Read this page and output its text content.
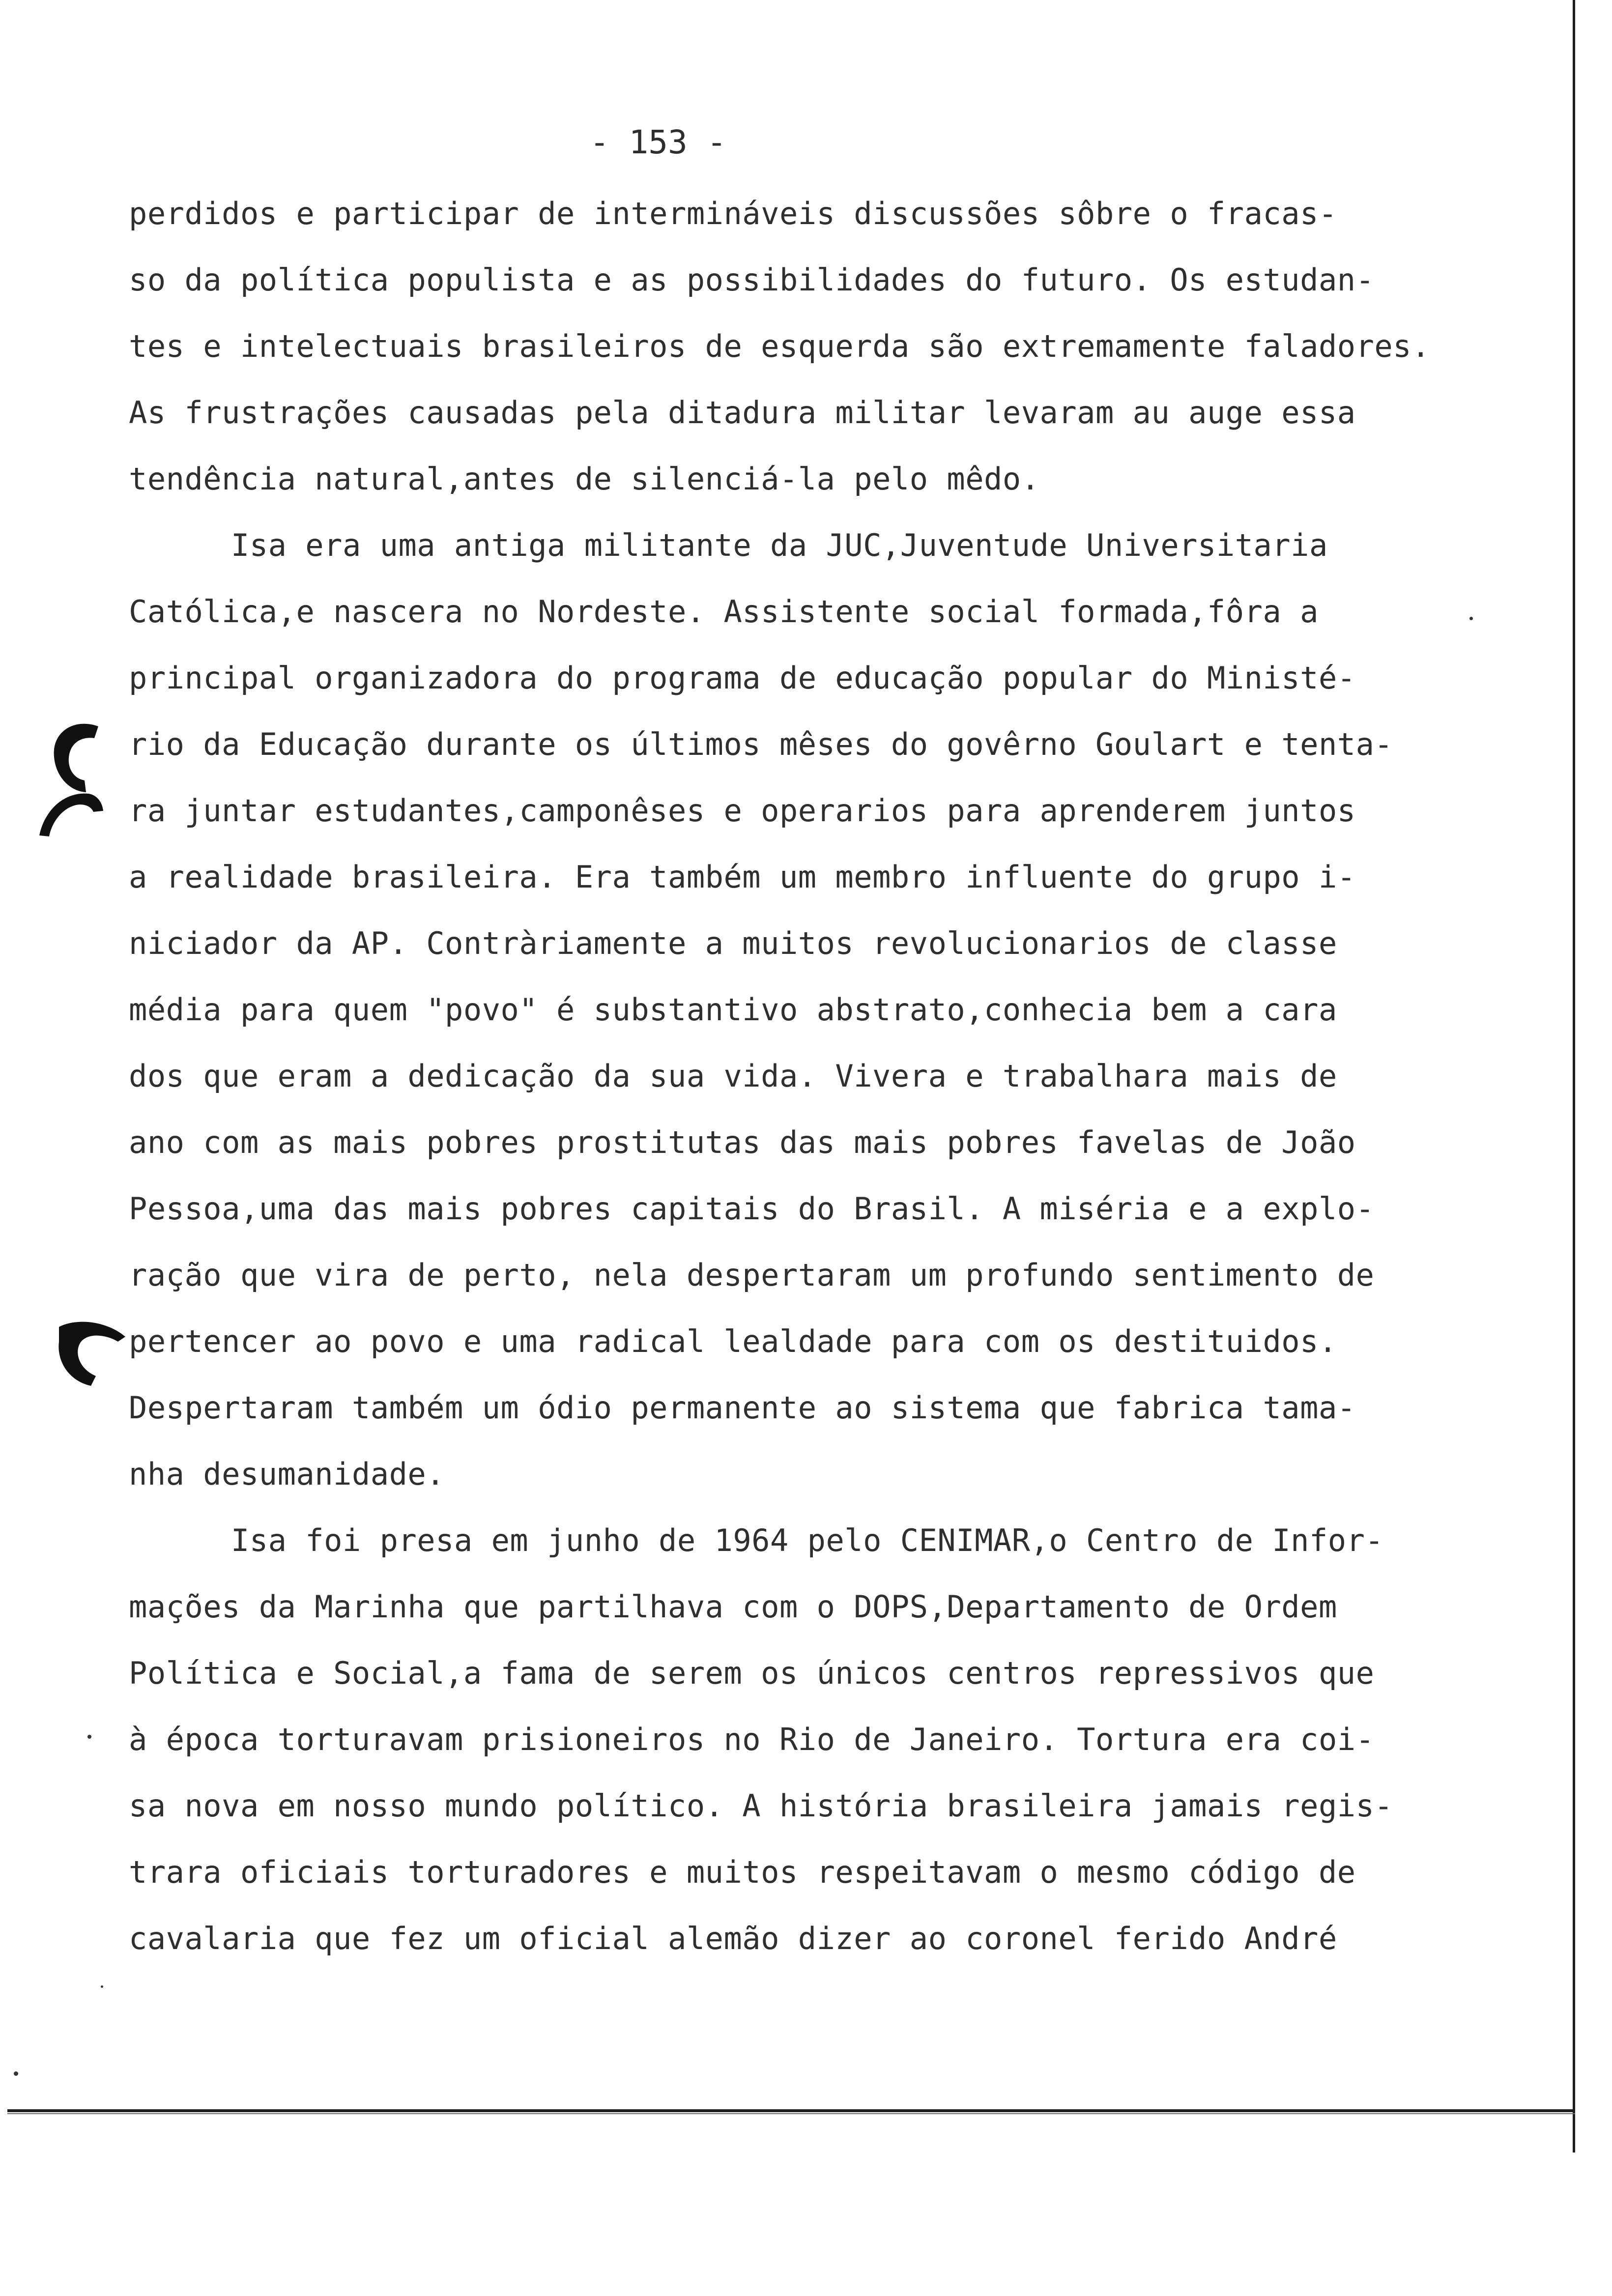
- 153 -
perdidos e participar de intermináveis discussões sôbre o fracas-
so da política populista e as possibilidades do futuro. Os estudan-
tes e intelectuais brasileiros de esquerda são extremamente faladores.
As frustrações causadas pela ditadura militar levaram au auge essa
tendência natural,antes de silenciá-la pelo mêdo.
Isa era uma antiga militante da JUC,Juventude Universitaria
Católica,e nascera no Nordeste. Assistente social formada,fôra a
principal organizadora do programa de educação popular do Ministé-
rio da Educação durante os últimos mêses do govêrno Goulart e tenta-
ra juntar estudantes,camponêses e operarios para aprenderem juntos
a realidade brasileira. Era também um membro influente do grupo i-
niciador da AP. Contràriamente a muitos revolucionarios de classe
média para quem "povo" é substantivo abstrato,conhecia bem a cara
dos que eram a dedicação da sua vida. Vivera e trabalhara mais de
ano com as mais pobres prostitutas das mais pobres favelas de João
Pessoa,uma das mais pobres capitais do Brasil. A miséria e a explo-
ração que vira de perto, nela despertaram um profundo sentimento de
pertencer ao povo e uma radical lealdade para com os destituidos.
Despertaram também um ódio permanente ao sistema que fabrica tama-
nha desumanidade.
Isa foi presa em junho de 1964 pelo CENIMAR,o Centro de Infor-
mações da Marinha que partilhava com o DOPS,Departamento de Ordem
Política e Social,a fama de serem os únicos centros repressivos que
à época torturavam prisioneiros no Rio de Janeiro. Tortura era coi-
sa nova em nosso mundo político. A história brasileira jamais regis-
trara oficiais torturadores e muitos respeitavam o mesmo código de
cavalaria que fez um oficial alemão dizer ao coronel ferido André
